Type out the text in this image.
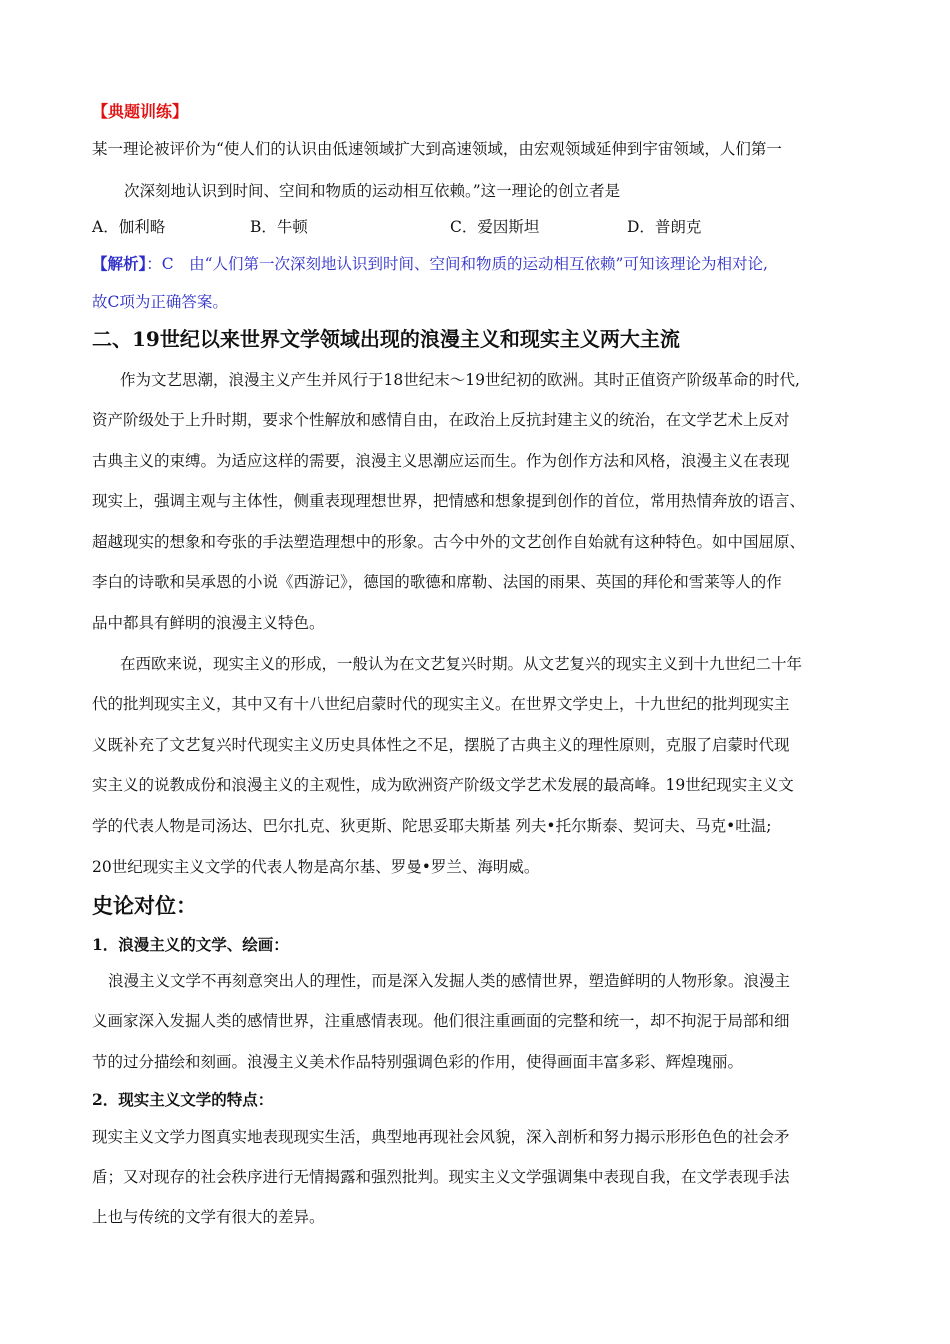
【典题训练】
某一理论被评价为“使人们的认识由低速领域扩大到高速领域，由宏观领域延伸到宇宙领域，人们第一
次深刻地认识到时间、空间和物质的运动相互依赖。”这一理论的创立者是
A．伽利略	B．牛顿	C．爱因斯坦	D．普朗克
【解析】：C　由“人们第一次深刻地认识到时间、空间和物质的运动相互依赖”可知该理论为相对论,
故C项为正确答案。
二、19世纪以来世界文学领域出现的浪漫主义和现实主义两大主流
作为文艺思潮，浪漫主义产生并风行于18世纪末～19世纪初的欧洲。其时正值资产阶级革命的时代,
资产阶级处于上升时期，要求个性解放和感情自由，在政治上反抗封建主义的统治，在文学艺术上反对
古典主义的束缚。为适应这样的需要，浪漫主义思潮应运而生。作为创作方法和风格，浪漫主义在表现
现实上，强调主观与主体性，侧重表现理想世界，把情感和想象提到创作的首位，常用热情奔放的语言、
超越现实的想象和夸张的手法塑造理想中的形象。古今中外的文艺创作自始就有这种特色。如中国屈原、
李白的诗歌和吴承恩的小说《西游记》，德国的歌德和席勒、法国的雨果、英国的拜伦和雪莱等人的作
品中都具有鲜明的浪漫主义特色。
在西欧来说，现实主义的形成，一般认为在文艺复兴时期。从文艺复兴的现实主义到十九世纪二十年
代的批判现实主义，其中又有十八世纪启蒙时代的现实主义。在世界文学史上，十九世纪的批判现实主
义既补充了文艺复兴时代现实主义历史具体性之不足，摆脱了古典主义的理性原则，克服了启蒙时代现
实主义的说教成份和浪漫主义的主观性，成为欧洲资产阶级文学艺术发展的最高峰。19世纪现实主义文
学的代表人物是司汤达、巴尔扎克、狄更斯、陀思妥耶夫斯基 列夫•托尔斯泰、契诃夫、马克•吐温;
20世纪现实主义文学的代表人物是高尔基、罗曼•罗兰、海明威。
史论对位：
1．浪漫主义的文学、绘画：
浪漫主义文学不再刻意突出人的理性，而是深入发掘人类的感情世界，塑造鲜明的人物形象。浪漫主
义画家深入发掘人类的感情世界，注重感情表现。他们很注重画面的完整和统一，却不拘泥于局部和细
节的过分描绘和刻画。浪漫主义美术作品特别强调色彩的作用，使得画面丰富多彩、辉煌瑰丽。
2．现实主义文学的特点：
现实主义文学力图真实地表现现实生活，典型地再现社会风貌，深入剖析和努力揭示形形色色的社会矛
盾；又对现存的社会秩序进行无情揭露和强烈批判。现实主义文学强调集中表现自我，在文学表现手法
上也与传统的文学有很大的差异。
